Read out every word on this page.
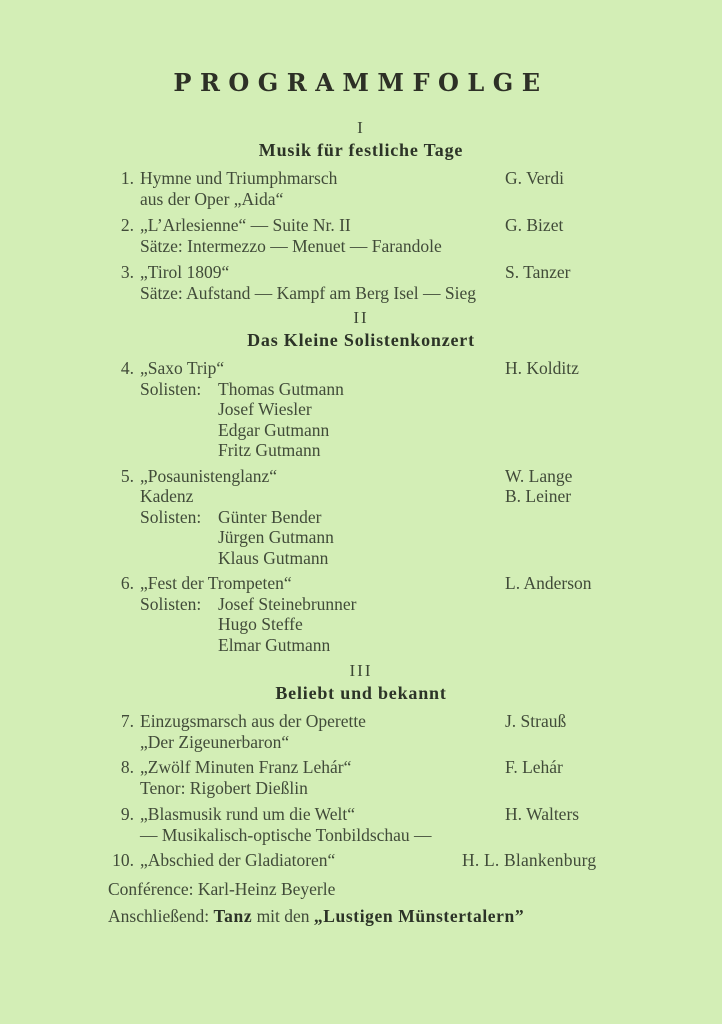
PROGRAMMFOLGE
I
Musik für festliche Tage
1. Hymne und Triumphmarsch
aus der Oper „Aida“
G. Verdi
2. „L’Arlesienne“ — Suite Nr. II
Sätze: Intermezzo — Menuet — Farandole
G. Bizet
3. „Tirol 1809“
Sätze: Aufstand — Kampf am Berg Isel — Sieg
S. Tanzer
II
Das Kleine Solistenkonzert
4. „Saxo Trip“
Solisten: Thomas Gutmann
Josef Wiesler
Edgar Gutmann
Fritz Gutmann
H. Kolditz
5. „Posaunistenglanz“
Kadenz
Solisten: Günter Bender
Jürgen Gutmann
Klaus Gutmann
W. Lange
B. Leiner
6. „Fest der Trompeten“
Solisten: Josef Steinebrunner
Hugo Steffe
Elmar Gutmann
L. Anderson
III
Beliebt und bekannt
7. Einzugsmarsch aus der Operette
„Der Zigeunerbaron“
J. Strauß
8. „Zwölf Minuten Franz Lehár“
Tenor: Rigobert Dießlin
F. Lehár
9. „Blasmusik rund um die Welt“
— Musikalisch-optische Tonbildschau —
H. Walters
10. „Abschied der Gladiatoren“	H. L. Blankenburg
Conférence: Karl-Heinz Beyerle
Anschließend: Tanz mit den „Lustigen Münstertalern”
